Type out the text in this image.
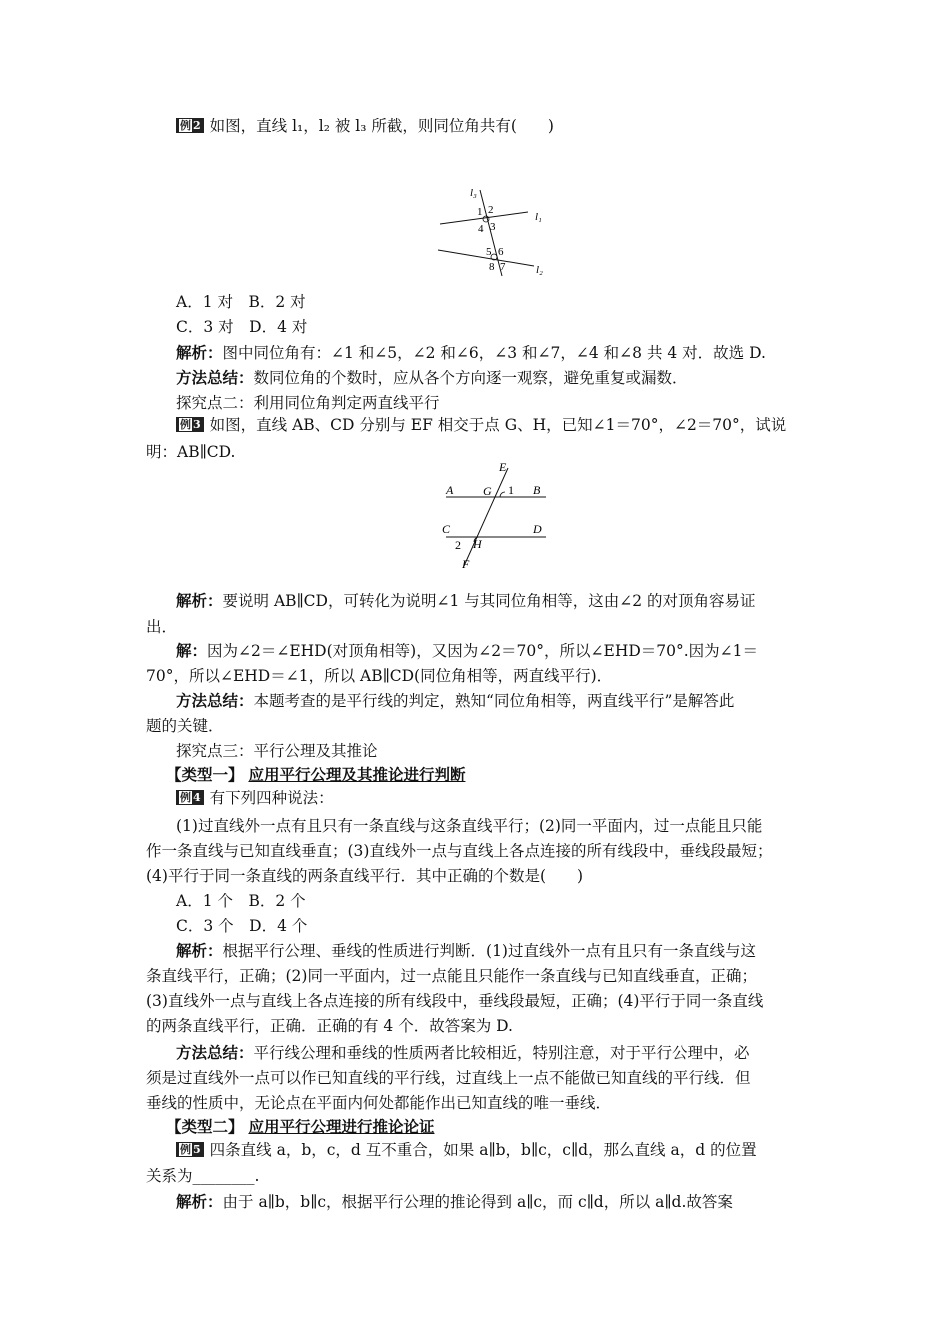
例 2 如图，直线 l₁，l₂ 被 l₃ 所截，则同位角共有(　　)
l₃
l₁
l₂
1 2
3
4
5 6
7
8
A．1 对　B．2 对
C．3 对　D．4 对
解析：图中同位角有：∠1 和∠5，∠2 和∠6，∠3 和∠7，∠4 和∠8 共 4 对．故选 D.
方法总结：数同位角的个数时，应从各个方向逐一观察，避免重复或漏数．
探究点二：利用同位角判定两直线平行
例 3 如图，直线 AB、CD 分别与 EF 相交于点 G、H，已知∠1＝70°，∠2＝70°，试说
明：AB∥CD.
E
A G 1 B
C	D
2 H
F
解析：要说明 AB∥CD，可转化为说明∠1 与其同位角相等，这由∠2 的对顶角容易证
出．
解：因为∠2＝∠EHD(对顶角相等)，又因为∠2＝70°，所以∠EHD＝70°.因为∠1＝
70°，所以∠EHD＝∠1，所以 AB∥CD(同位角相等，两直线平行)．
方法总结：本题考查的是平行线的判定，熟知“同位角相等，两直线平行”是解答此
题的关键．
探究点三：平行公理及其推论
【类型一】 应用平行公理及其推论进行判断
例 4 有下列四种说法：
(1)过直线外一点有且只有一条直线与这条直线平行；(2)同一平面内，过一点能且只能
作一条直线与已知直线垂直；(3)直线外一点与直线上各点连接的所有线段中，垂线段最短；
(4)平行于同一条直线的两条直线平行．其中正确的个数是(　　)
A．1 个　B．2 个
C．3 个　D．4 个
解析：根据平行公理、垂线的性质进行判断．(1)过直线外一点有且只有一条直线与这
条直线平行，正确；(2)同一平面内，过一点能且只能作一条直线与已知直线垂直，正确；
(3)直线外一点与直线上各点连接的所有线段中，垂线段最短，正确；(4)平行于同一条直线
的两条直线平行，正确．正确的有 4 个．故答案为 D.
方法总结：平行线公理和垂线的性质两者比较相近，特别注意，对于平行公理中，必
须是过直线外一点可以作已知直线的平行线，过直线上一点不能做已知直线的平行线．但
垂线的性质中，无论点在平面内何处都能作出已知直线的唯一垂线．
【类型二】 应用平行公理进行推论论证
例 5 四条直线 a，b，c，d 互不重合，如果 a∥b，b∥c，c∥d，那么直线 a，d 的位置
关系为________.
解析：由于 a∥b，b∥c，根据平行公理的推论得到 a∥c，而 c∥d，所以 a∥d.故答案
